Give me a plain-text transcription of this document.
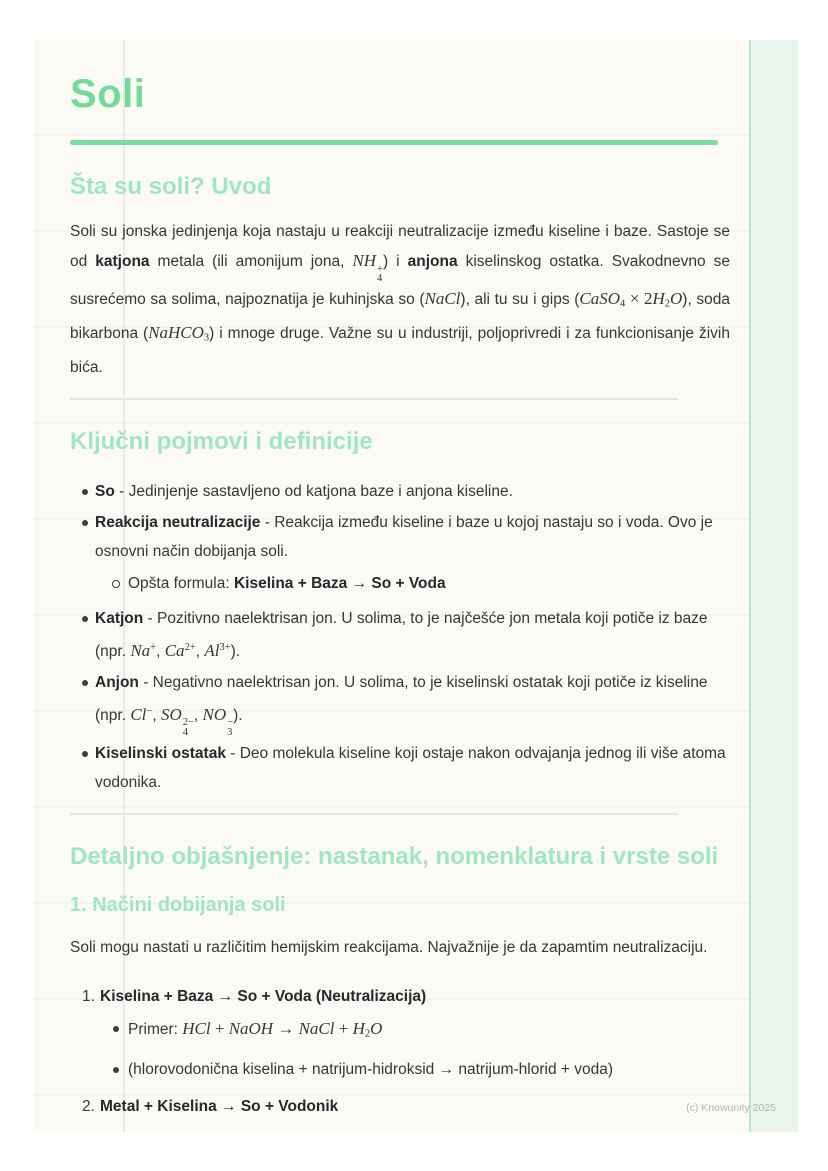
Soli
Šta su soli? Uvod

Soli su jonska jedinjenja koja nastaju u reakciji neutralizacije između kiseline i baze. Sastoje se od katjona metala (ili amonijum jona, NH +
4
) i anjona kiselinskog ostatka. Svakodnevno se susrećemo sa solima, najpoznatija je kuhinjska so (NaCl), ali tu su i gips (CaSO$_4$ × $2H_2O$), soda bikarbona (NaHCO$_3$) i mnoge druge. Važne su u industriji, poljoprivredi i za funkcionisanje živih bića.

Ključni pojmovi i definicije
So - Jedinjenje sastavljeno od katjona baze i anjona kiseline.
Reakcija neutralizacije - Reakcija između kiseline i baze u kojoj nastaju so i voda. Ovo je osnovni način dobijanja soli.
Opšta formula: Kiselina + Baza → So + Voda
Katjon - Pozitivno naelektrisan jon. U solima, to je najčešće jon metala koji potiče iz baze (npr. Na+, $Ca^{2+}$, $Al^{3+}$).
Anjon - Negativno naelektrisan jon. U solima, to je kiselinski ostatak koji potiče iz kiseline (npr. Cl−, SO 2−
4
, NO −
3
).
Kiselinski ostatak - Deo molekula kiseline koji ostaje nakon odvajanja jednog ili više atoma vodonika.
Detaljno objašnjenje: nastanak, nomenklatura i vrste soli
1. Načini dobijanja soli

Soli mogu nastati u različitim hemijskim reakcijama. Najvažnije je da zapamtim neutralizaciju.

1. Kiselina + Baza → So + Voda (Neutralizacija)
Primer: HCl + NaOH → NaCl + $H_2O$
(hlorovodonična kiselina + natrijum-hidroksid → natrijum-hlorid + voda)
2. Metal + Kiselina → So + Vodonik	(c) Knowunity 2025
